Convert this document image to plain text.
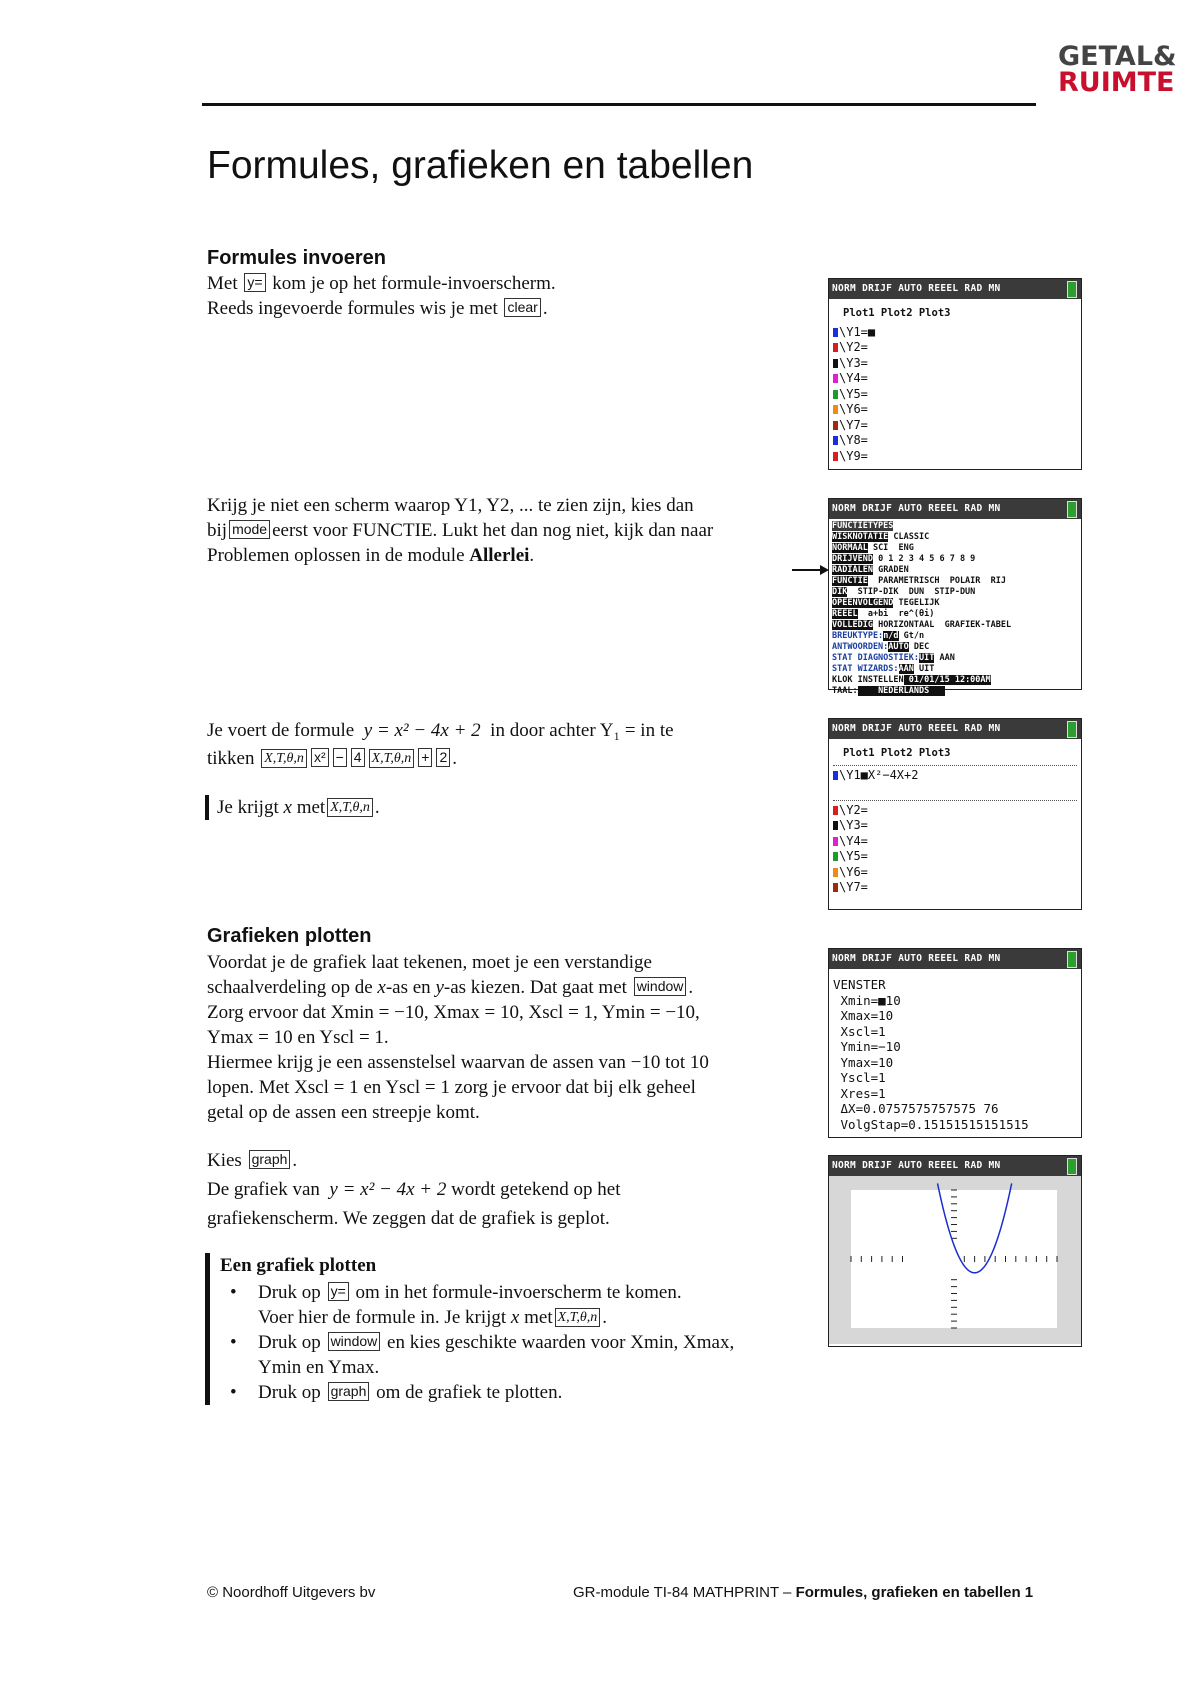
GETAL&
RUIMTE
Formules, grafieken en tabellen
Formules invoeren

Met y= kom je op het formule-invoerscherm.

Reeds ingevoerde formules wis je met clear .

Krijg je niet een scherm waarop Y1, Y2, ... te zien zijn, kies dan

bij mode eerst voor FUNCTIE. Lukt het dan nog niet, kijk dan naar

Problemen oplossen in de module Allerlei.

Je voert de formule y = x² − 4x + 2 in door achter Y₁ = in te

tikken X,T,θ,n x² − 4 X,T,θ,n + 2 .

Je krijgt x met X,T,θ,n .
Grafieken plotten

Voordat je de grafiek laat tekenen, moet je een verstandige

schaalverdeling op de x-as en y-as kiezen. Dat gaat met window .

Zorg ervoor dat Xmin = −10, Xmax = 10, Xscl = 1, Ymin = −10,

Ymax = 10 en Yscl = 1.

Hiermee krijg je een assenstelsel waarvan de assen van −10 tot 10

lopen. Met Xscl = 1 en Yscl = 1 zorg je ervoor dat bij elk geheel

getal op de assen een streepje komt.

Kies graph .

De grafiek van y = x² − 4x + 2 wordt getekend op het

grafiekenscherm. We zeggen dat de grafiek is geplot.

Een grafiek plotten

• Druk op y= om in het formule-invoerscherm te komen.
Voer hier de formule in. Je krijgt x met X,T,θ,n .
• Druk op window en kies geschikte waarden voor Xmin, Xmax,
Ymin en Ymax.
• Druk op graph om de grafiek te plotten.
NORM DRIJF AUTO REEEL RAD MN
Plot1 Plot2 Plot3
\Y1=■
\Y2=
\Y3=
\Y4=
\Y5=
\Y6=
\Y7=
\Y8=
\Y9=
NORM DRIJF AUTO REEEL RAD MN
FUNCTIETYPES
WISKNOTATIE CLASSIC
NORMAAL SCI  ENG
DRIJVEND 0 1 2 3 4 5 6 7 8 9
RADIALEN GRADEN
FUNCTIE  PARAMETRISCH  POLAIR  RIJ
DIK  STIP-DIK  DUN  STIP-DUN
OPEENVOLGEND TEGELIJK
REEEL  a+bi  re^(θi)
VOLLEDIG HORIZONTAAL  GRAFIEK-TABEL
BREUKTYPE:n/d Gt/n
ANTWOORDEN:AUTO DEC
STAT DIAGNOSTIEK:UIT AAN
STAT WIZARDS:AAN UIT
KLOK INSTELLEN 01/01/15 12:00AM
TAAL:    NEDERLANDS
NORM DRIJF AUTO REEEL RAD MN
Plot1 Plot2 Plot3
\Y1■X²−4X+2
\Y2=
\Y3=
\Y4=
\Y5=
\Y6=
\Y7=
NORM DRIJF AUTO REEEL RAD MN
VENSTER
Xmin=■10
Xmax=10
Xscl=1
Ymin=−10
Ymax=10
Yscl=1
Xres=1
ΔX=0.0757575757575 76
VolgStap=0.15151515151515
NORM DRIJF AUTO REEEL RAD MN
© Noordhoff Uitgevers bv	GR-module TI-84 MATHPRINT – Formules, grafieken en tabellen 1
